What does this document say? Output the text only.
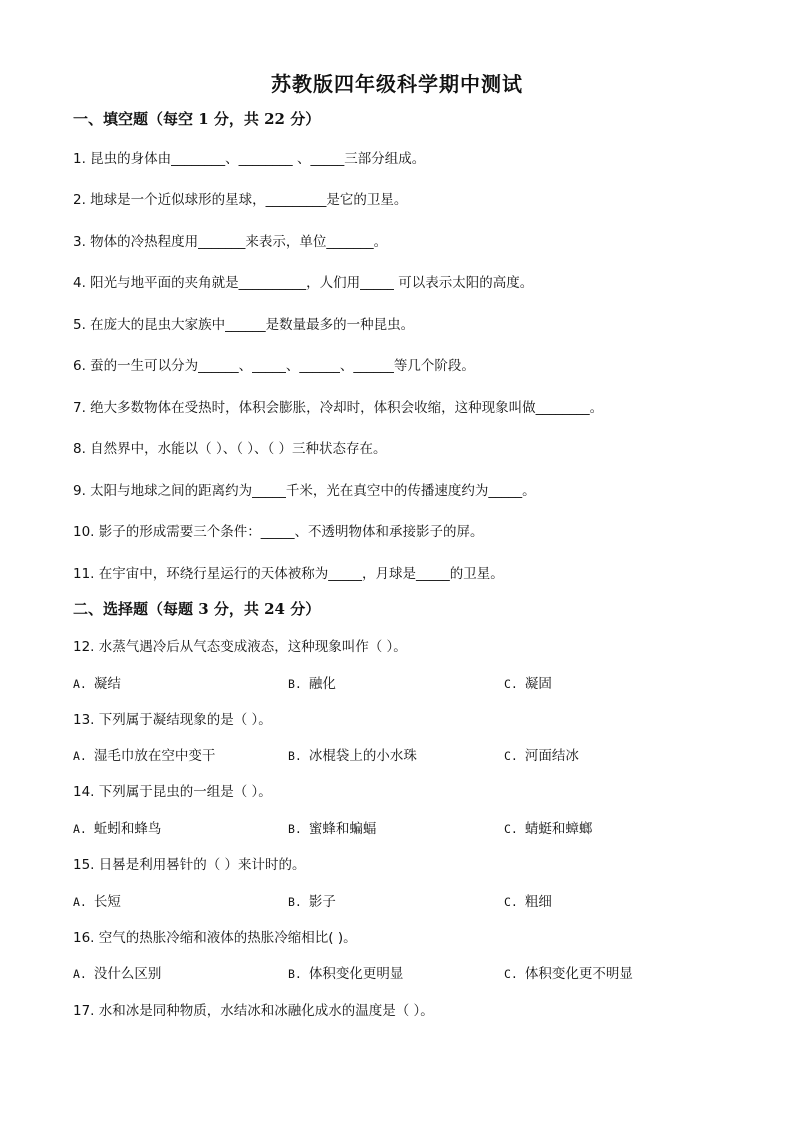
苏教版四年级科学期中测试
一、填空题（每空 1 分，共 22 分）
1. 昆虫的身体由________、________ 、_____三部分组成。
2. 地球是一个近似球形的星球，_________是它的卫星。
3. 物体的冷热程度用_______来表示，单位_______。
4. 阳光与地平面的夹角就是__________，人们用_____ 可以表示太阳的高度。
5. 在庞大的昆虫大家族中______是数量最多的一种昆虫。
6. 蚕的一生可以分为______、_____、______、______等几个阶段。
7. 绝大多数物体在受热时，体积会膨胀，冷却时，体积会收缩，这种现象叫做________。
8. 自然界中，水能以（ ）、（ ）、（ ）三种状态存在。
9. 太阳与地球之间的距离约为_____千米，光在真空中的传播速度约为_____。
10. 影子的形成需要三个条件：_____、不透明物体和承接影子的屏。
11. 在宇宙中，环绕行星运行的天体被称为_____，月球是_____的卫星。
二、选择题（每题 3 分，共 24 分）
12. 水蒸气遇冷后从气态变成液态，这种现象叫作（ ）。
A. 凝结	B. 融化	C. 凝固
13. 下列属于凝结现象的是（ ）。
A. 湿毛巾放在空中变干	B. 冰棍袋上的小水珠	C. 河面结冰
14. 下列属于昆虫的一组是（ ）。
A. 蚯蚓和蜂鸟	B. 蜜蜂和蝙蝠	C. 蜻蜓和蟑螂
15. 日晷是利用晷针的（ ）来计时的。
A. 长短	B. 影子	C. 粗细
16. 空气的热胀冷缩和液体的热胀冷缩相比( )。
A. 没什么区别	B. 体积变化更明显	C. 体积变化更不明显
17. 水和冰是同种物质，水结冰和冰融化成水的温度是（ ）。
